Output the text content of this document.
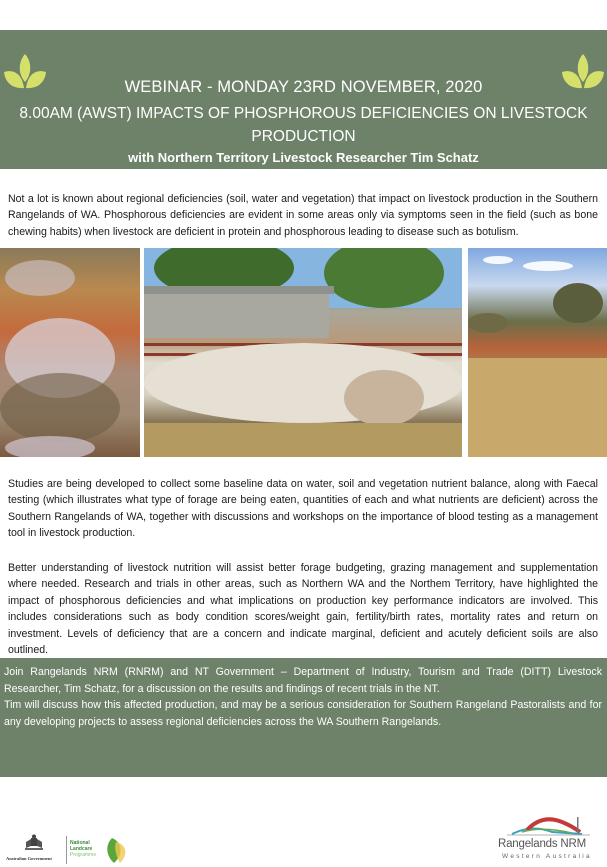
WEBINAR - MONDAY 23RD NOVEMBER, 2020
8.00AM (AWST) IMPACTS OF PHOSPHOROUS DEFICIENCIES ON LIVESTOCK PRODUCTION
with Northern Territory Livestock Researcher Tim Schatz

Not a lot is known about regional deficiencies (soil, water and vegetation) that impact on livestock production in the Southern Rangelands of WA. Phosphorous deficiencies are evident in some areas only via symptoms seen in the field (such as bone chewing habits) when livestock are deficient in protein and phosphorous leading to disease such as botulism.

Studies are being developed to collect some baseline data on water, soil and vegetation nutrient balance, along with Faecal testing (which illustrates what type of forage are being eaten, quantities of each and what nutrients are deficient) across the Southern Rangelands of WA, together with discussions and workshops on the importance of blood testing as a management tool in livestock production.

Better understanding of livestock nutrition will assist better forage budgeting, grazing management and supplementation where needed. Research and trials in other areas, such as Northern WA and the Northem Territory, have highlighted the impact of phosphorous deficiencies and what implications on production key performance indicators are involved. This includes considerations such as body condition scores/weight gain, fertility/birth rates, mortality rates and return on investment. Levels of deficiency that are a concern and indicate marginal, deficient and acutely deficient soils are also outlined.

Join Rangelands NRM (RNRM) and NT Government – Department of Industry, Tourism and Trade (DITT) Livestock Researcher, Tim Schatz, for a discussion on the results and findings of recent trials in the NT.
Tim will discuss how this affected production, and may be a serious consideration for Southern Rangeland Pastoralists and for any developing projects to assess regional deficiencies across the WA Southern Rangelands.
Australian Government
National
Landcare
Programme
Rangelands NRM
Western Australia
